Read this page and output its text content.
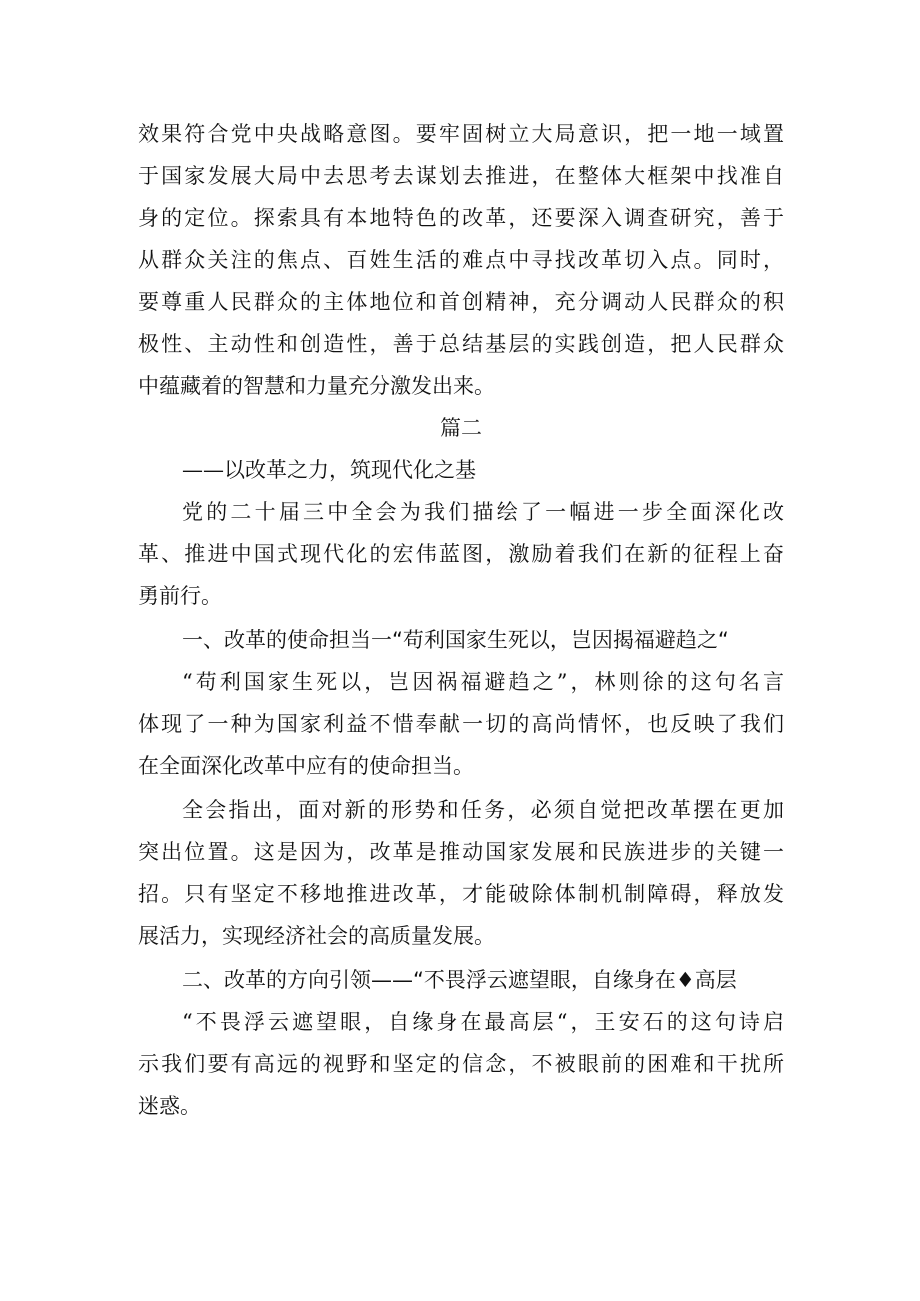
效果符合党中央战略意图。要牢固树立大局意识，把一地一域置
于国家发展大局中去思考去谋划去推进，在整体大框架中找准自
身的定位。探索具有本地特色的改革，还要深入调查研究，善于
从群众关注的焦点、百姓生活的难点中寻找改革切入点。同时，
要尊重人民群众的主体地位和首创精神，充分调动人民群众的积
极性、主动性和创造性，善于总结基层的实践创造，把人民群众
中蕴藏着的智慧和力量充分激发出来。
篇二
——以改革之力，筑现代化之基
党的二十届三中全会为我们描绘了一幅进一步全面深化改
革、推进中国式现代化的宏伟蓝图，激励着我们在新的征程上奋
勇前行。
一、改革的使命担当一“苟利国家生死以，岂因揭福避趋之“
“苟利国家生死以，岂因祸福避趋之”，林则徐的这句名言
体现了一种为国家利益不惜奉献一切的高尚情怀，也反映了我们
在全面深化改革中应有的使命担当。
全会指出，面对新的形势和任务，必须自觉把改革摆在更加
突出位置。这是因为，改革是推动国家发展和民族进步的关键一
招。只有坚定不移地推进改革，才能破除体制机制障碍，释放发
展活力，实现经济社会的高质量发展。
二、改革的方向引领——“不畏浮云遮望眼，自缘身在♦高层
“不畏浮云遮望眼，自缘身在最高层“，王安石的这句诗启
示我们要有高远的视野和坚定的信念，不被眼前的困难和干扰所
迷惑。
